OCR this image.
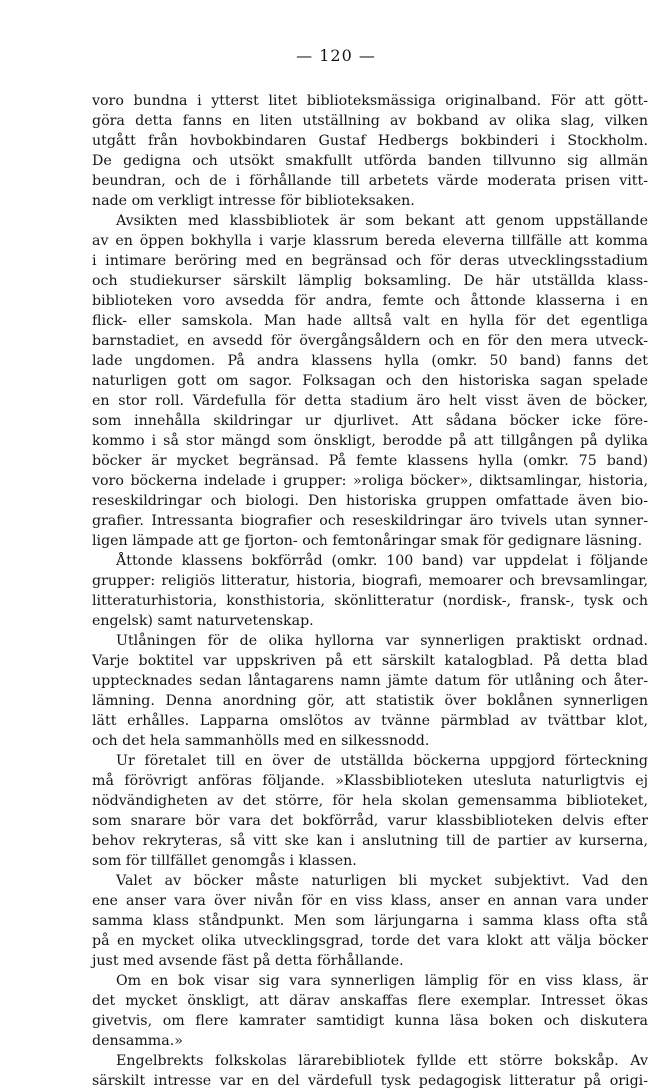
— 120 —
voro bundna i ytterst litet biblioteksmässiga originalband. För att gött-
göra detta fanns en liten utställning av bokband av olika slag, vilken
utgått från hovbokbindaren Gustaf Hedbergs bokbinderi i Stockholm.
De gedigna och utsökt smakfullt utförda banden tillvunno sig allmän
beundran, och de i förhållande till arbetets värde moderata prisen vitt-
nade om verkligt intresse för biblioteksaken.
Avsikten med klassbibliotek är som bekant att genom uppställande
av en öppen bokhylla i varje klassrum bereda eleverna tillfälle att komma
i intimare beröring med en begränsad och för deras utvecklingsstadium
och studiekurser särskilt lämplig boksamling. De här utställda klass-
biblioteken voro avsedda för andra, femte och åttonde klasserna i en
flick- eller samskola. Man hade alltså valt en hylla för det egentliga
barnstadiet, en avsedd för övergångsåldern och en för den mera utveck-
lade ungdomen. På andra klassens hylla (omkr. 50 band) fanns det
naturligen gott om sagor. Folksagan och den historiska sagan spelade
en stor roll. Värdefulla för detta stadium äro helt visst även de böcker,
som innehålla skildringar ur djurlivet. Att sådana böcker icke före-
kommo i så stor mängd som önskligt, berodde på att tillgången på dylika
böcker är mycket begränsad. På femte klassens hylla (omkr. 75 band)
voro böckerna indelade i grupper: »roliga böcker», diktsamlingar, historia,
reseskildringar och biologi. Den historiska gruppen omfattade även bio-
grafier. Intressanta biografier och reseskildringar äro tvivels utan synner-
ligen lämpade att ge fjorton- och femtonåringar smak för gedignare läsning.
Åttonde klassens bokförråd (omkr. 100 band) var uppdelat i följande
grupper: religiös litteratur, historia, biografi, memoarer och brevsamlingar,
litteraturhistoria, konsthistoria, skönlitteratur (nordisk-, fransk-, tysk och
engelsk) samt naturvetenskap.
Utlåningen för de olika hyllorna var synnerligen praktiskt ordnad.
Varje boktitel var uppskriven på ett särskilt katalogblad. På detta blad
upptecknades sedan låntagarens namn jämte datum för utlåning och åter-
lämning. Denna anordning gör, att statistik över boklånen synnerligen
lätt erhålles. Lapparna omslötos av tvänne pärmblad av tvättbar klot,
och det hela sammanhölls med en silkessnodd.
Ur företalet till en över de utställda böckerna uppgjord förteckning
må förövrigt anföras följande. »Klassbiblioteken utesluta naturligtvis ej
nödvändigheten av det större, för hela skolan gemensamma biblioteket,
som snarare bör vara det bokförråd, varur klassbiblioteken delvis efter
behov rekryteras, så vitt ske kan i anslutning till de partier av kurserna,
som för tillfället genomgås i klassen.
Valet av böcker måste naturligen bli mycket subjektivt. Vad den
ene anser vara över nivån för en viss klass, anser en annan vara under
samma klass ståndpunkt. Men som lärjungarna i samma klass ofta stå
på en mycket olika utvecklingsgrad, torde det vara klokt att välja böcker
just med avsende fäst på detta förhållande.
Om en bok visar sig vara synnerligen lämplig för en viss klass, är
det mycket önskligt, att därav anskaffas flere exemplar. Intresset ökas
givetvis, om flere kamrater samtidigt kunna läsa boken och diskutera
densamma.»
Engelbrekts folkskolas lärarebibliotek fyllde ett större bokskåp. Av
särskilt intresse var en del värdefull tysk pedagogisk litteratur på origi-
